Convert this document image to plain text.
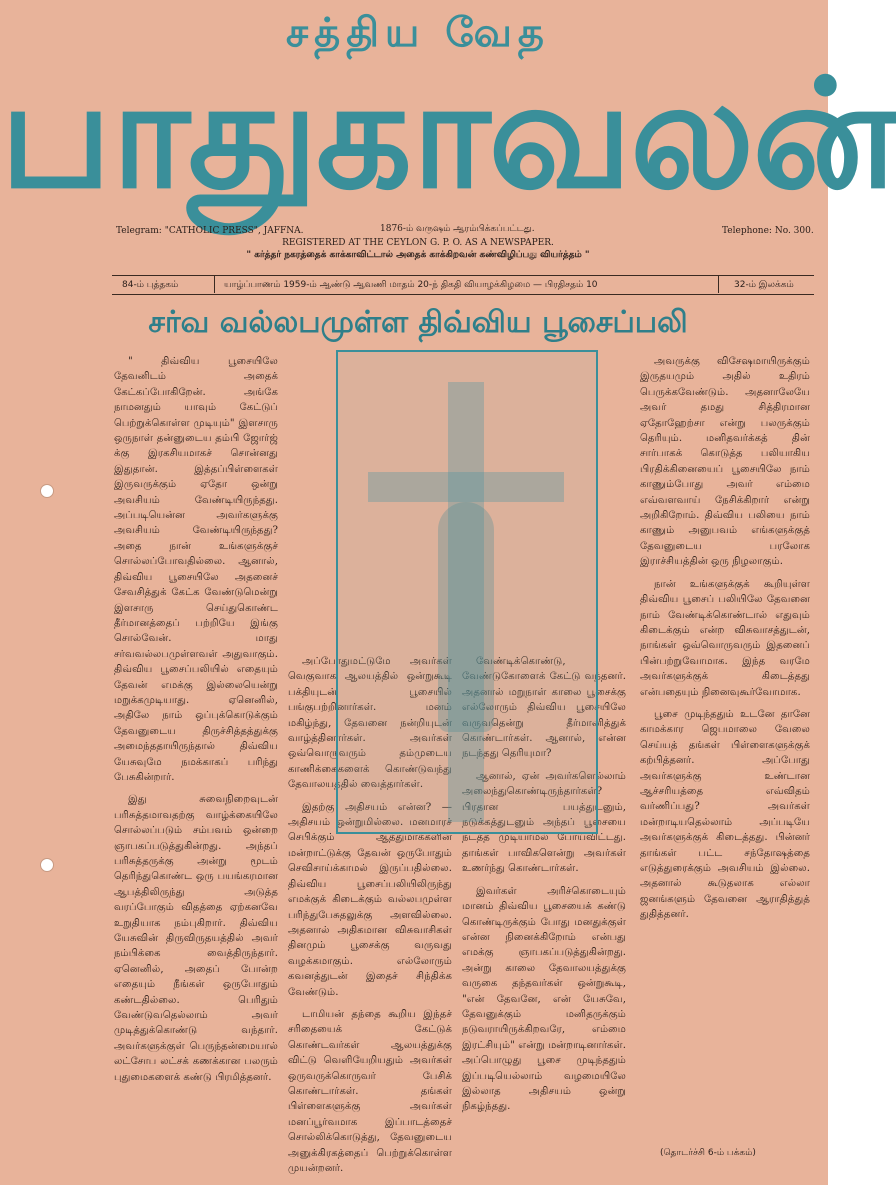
சத்திய வேத
பாதுகாவலன்
Telegram: "CATHOLIC PRESS", JAFFNA.	1876-ம் வருஷம் ஆரம்பிக்கப்பட்டது.
REGISTERED AT THE CEYLON G. P. O. AS A NEWSPAPER.
Telephone: No. 300.
" கர்த்தர் நகரத்தைக் காக்காவிட்டால் அதைக் காக்கிறவன் கண்விழிப்பது வியர்த்தம் "
84-ம் புத்தகம்	யாழ்ப்பாணம் 1959-ம் ஆண்டு ஆவணி மாதம் 20-ந் திகதி வியாழக்கிழமை — பிரதிசதம் 10	32-ம் இலக்கம்
சர்வ வல்லபமுள்ள திவ்விய பூசைப்பலி

" திவ்விய பூசையிலே தேவனிடம் அதைக் கேட்கப்போகிறேன். அங்கே நாமனதும் யாவும் கேட்டுப் பெற்றுக்கொள்ள முடியும்" இளசாரு ஒருநாள் தன்னுடைய தம்பி ஜோர்ஜ் க்கு இரகசியமாகச் சொன்னது இதுதான். இத்தப்பிள்ளைகள் இருவருக்கும் ஏதோ ஒன்று அவசியம் வேண்டியிருந்தது. அப்படியென்ன அவர்களுக்கு அவசியம் வேண்டியிருந்தது? அதை நான் உங்களுக்குச் சொல்லப்போவதில்லை. ஆனால், திவ்விய பூசையிலே அதனைச் சேவசித்துக் கேட்க வேண்டுமென்று இளசாரு செய்துகொண்ட தீர்மானத்தைப் பற்றியே இங்கு சொல்வேன். மாது சர்வவல்லபமுள்ளவள் அதுவாகும். திவ்விய பூசைப்பலியில் எதையும் தேவன் எமக்கு இல்லையென்று மறுக்கமுடியாது. ஏனெனில், அதிலே நாம் ஒப்புக்கொடுக்கும் தேவனுடைய திருச்சித்தத்துக்கு அமைந்ததாயிருந்தால் திவ்விய யேசுவுமே நமக்காகப் பரிந்து பேசுகின்றார்.

இது சுவைநிறைவுடன் பரிசுத்தமாவதற்கு வாழ்க்கையிலே சொல்லப்படும் சம்பவம் ஒன்றை ஞாபகப்படுத்துகின்றது. அந்தப் பரிசுத்தருக்கு அன்று மூடம் தெரிந்துகொண்ட ஒரு பயங்கரமான ஆபத்திலிருந்து அடுத்த வரப்போகும் விதத்தை ஏற்கனவே உறுதியாக நம்புகிறார். திவ்விய யேசுவின் திருவிருதயத்தில் அவர் நம்பிக்கை வைத்திருந்தார். ஏனெனில், அதைப் போன்ற எதையும் நீங்கள் ஒருபோதும் கண்டதில்லை. பெரிதும் வேண்டுவதெல்லாம் அவர் முடித்துக்கொண்டு வந்தார். அவர்களுக்குள் பெருந்தன்மையால் லட்சோப லட்சக் கணக்கான பலரும் புதுமைகளைக் கண்டு பிரமித்தனர்.

அப்போதுமட்டுமே அவர்கள் வெகுவாக ஆலயத்தில் ஒன்றுகூடி பக்தியுடன் பூசையில் பங்குபற்றினார்கள். மனம் மகிழ்ந்து, தேவனை நன்றியுடன் வாழ்த்தினார்கள். அவர்கள் ஒவ்வொருவரும் தம்முடைய காணிக்கைகளைக் கொண்டுவந்து தேவாலயத்தில் வைத்தார்கள்.

இதற்கு அதிசயம் என்ன? — அதிசயம் ஒன்றுமில்லை. மனமாரச் செபிக்கும் ஆத்துமாக்களின் மன்றாட்டுக்கு தேவன் ஒருபோதும் செவிசாய்க்காமல் இருப்பதில்லை. திவ்விய பூசைப்பலியிலிருந்து எமக்குக் கிடைக்கும் வல்லபமுள்ள பரிந்துபேசுதலுக்கு அளவில்லை. அதனால் அதிகமான விசுவாசிகள் தினமும் பூசைக்கு வருவது வழக்கமாகும். எல்லோரும் கவனத்துடன் இதைச் சிந்திக்க வேண்டும்.

டாமியன் தந்தை கூறிய இந்தச் சரிதையைக் கேட்டுக் கொண்டவர்கள் ஆலயத்துக்கு விட்டு வெளியேறியதும் அவர்கள் ஒருவருக்கொருவர் பேசிக் கொண்டார்கள். தங்கள் பிள்ளைகளுக்கு அவர்கள் மனப்பூர்வமாக இப்பாடத்தைச் சொல்லிக்கொடுத்து, தேவனுடைய அனுக்கிரகத்தைப் பெற்றுக்கொள்ள முயன்றனர்.

வேண்டிக்கொண்டு, வேண்டுகோளைக் கேட்டு வந்தனர். அதனால் மறுநாள் காலை பூசைக்கு எல்லோரும் திவ்விய பூசையிலே வருவதென்று தீர்மானித்துக் கொண்டார்கள். ஆனால், என்ன நடந்தது தெரியுமா?

ஆனால், ஏன் அவர்களெல்லாம் அலைந்துகொண்டிருந்தார்கள்? பிரதான பயத்துடனும், நடுக்கத்துடனும் அந்தப் பூசையை நடத்த முடியாமல் போய்விட்டது. தாங்கள் பாவிகளென்று அவர்கள் உணர்ந்து கொண்டார்கள்.

இவர்கள் அரிச்கொடையும் மானம் திவ்விய பூசையைக் கண்டு கொண்டிருக்கும் போது மனதுக்குள் என்ன நினைக்கிறோம் என்பது எமக்கு ஞாபகப்படுத்துகின்றது. அன்று காலை தேவாலயத்துக்கு வருகை தந்தவர்கள் ஒன்றுகூடி, "என் தேவனே, என் யேசுவே, தேவனுக்கும் மனிதருக்கும் நடுவராயிருக்கிறவரே, எம்மை இரட்சியும்" என்று மன்றாடினார்கள். அப்பொழுது பூசை முடிந்ததும் இப்படியெல்லாம் வழமையிலே இல்லாத அதிசயம் ஒன்று நிகழ்ந்தது.

அவருக்கு விசேஷமாயிருக்கும் இருதயமும் அதில் உதிரம் பெருக்கவேண்டும். அதனாலேயே அவர் தமது சித்திரமான ஏதோஹேற்சா என்று பலருக்கும் தெரியும். மனிதவர்க்கத் தின் சார்பாகக் கொடுத்த பலியாகிய பிரதிக்கினையைப் பூசையிலே நாம் காணும்போது அவர் எம்மை எவ்வளவாய் நேசிக்கிறார் என்று அறிகிறோம். திவ்விய பலியை நாம் காணும் அனுபவம் எங்களுக்குத் தேவனுடைய பரலோக இராச்சியத்தின் ஒரு நிழலாகும்.

நான் உங்களுக்குக் கூறியுள்ள திவ்விய பூசைப் பலியிலே தேவனை நாம் வேண்டிக்கொண்டால் எதுவும் கிடைக்கும் என்ற விசுவாசத்துடன், நாங்கள் ஒவ்வொருவரும் இதனைப் பின்பற்றுவோமாக. இந்த வரமே அவர்களுக்குக் கிடைத்தது என்பதையும் நினைவுகூர்வோமாக.

பூசை முடிந்ததும் உடனே தானே காமக்கார ஜெபமாலை வேலை செய்யத் தங்கள் பிள்ளைகளுக்குக் கற்பித்தனர். அப்போது அவர்களுக்கு உண்டான ஆச்சரியத்தை எவ்விதம் வர்ணிப்பது? அவர்கள் மன்றாடியதெல்லாம் அப்படியே அவர்களுக்குக் கிடைத்தது. பின்னர் தாங்கள் பட்ட சந்தோஷத்தை எடுத்துரைக்கும் அவசியம் இல்லை. அதனால் கூடுதலாக எல்லா ஜனங்களும் தேவனை ஆராதித்துத் துதித்தனர்.

(தொடர்ச்சி 6-ம் பக்கம்)
